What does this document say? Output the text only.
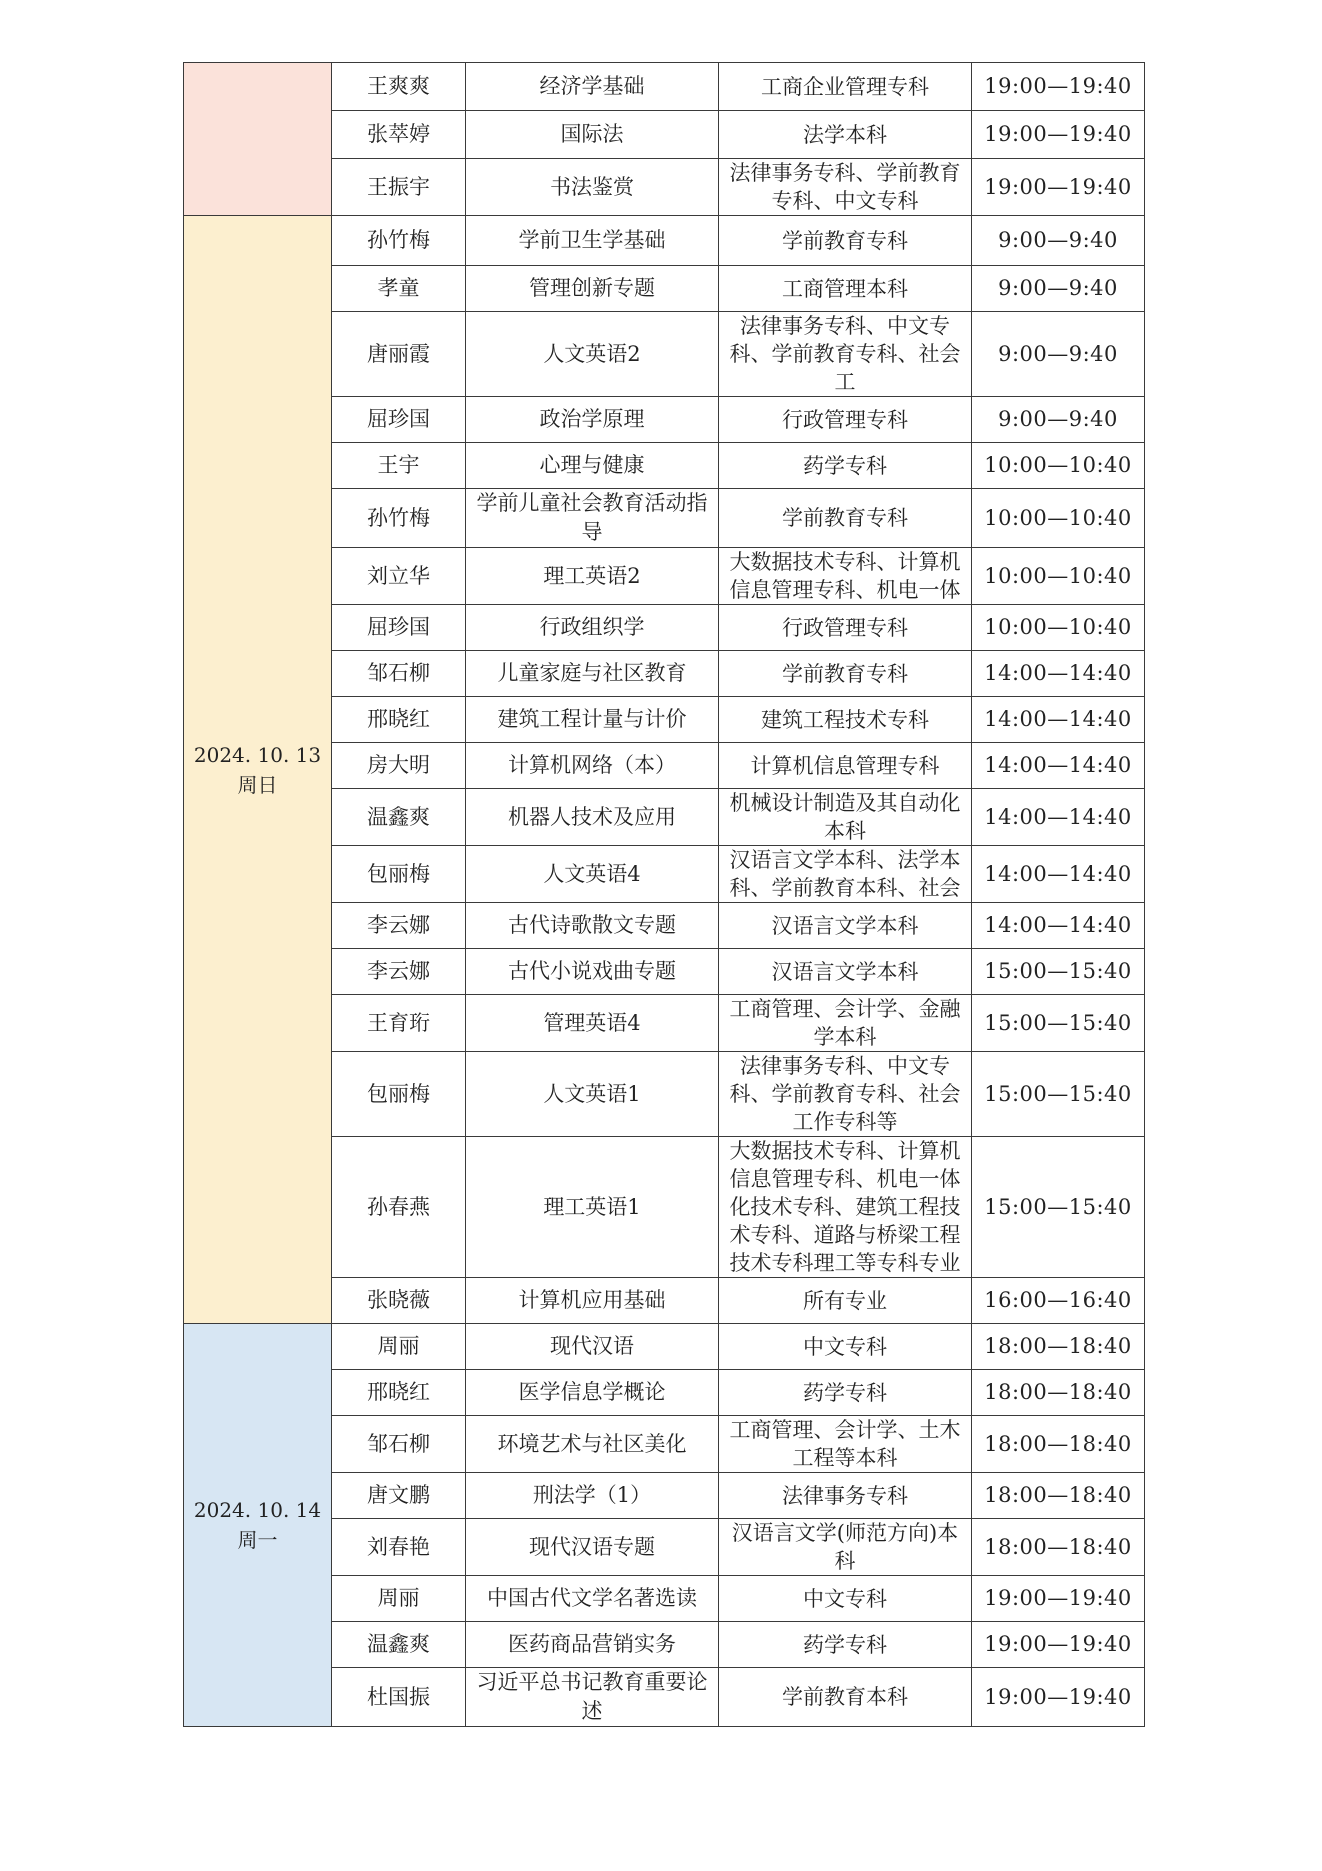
	王爽爽	经济学基础	工商企业管理专科	19:00—19:40
	张萃婷	国际法	法学本科	19:00—19:40
	王振宇	书法鉴赏	法律事务专科、学前教育专科、中文专科	19:00—19:40

2024. 10. 13
周日	孙竹梅	学前卫生学基础	学前教育专科	9:00—9:40
	孝童	管理创新专题	工商管理本科	9:00—9:40
	唐丽霞	人文英语2	法律事务专科、中文专科、学前教育专科、社会工	9:00—9:40
	屈珍国	政治学原理	行政管理专科	9:00—9:40
	王宇	心理与健康	药学专科	10:00—10:40
	孙竹梅	学前儿童社会教育活动指导	学前教育专科	10:00—10:40
	刘立华	理工英语2	大数据技术专科、计算机信息管理专科、机电一体	10:00—10:40
	屈珍国	行政组织学	行政管理专科	10:00—10:40
	邹石柳	儿童家庭与社区教育	学前教育专科	14:00—14:40
	邢晓红	建筑工程计量与计价	建筑工程技术专科	14:00—14:40
	房大明	计算机网络（本）	计算机信息管理专科	14:00—14:40
	温鑫爽	机器人技术及应用	机械设计制造及其自动化本科	14:00—14:40
	包丽梅	人文英语4	汉语言文学本科、法学本科、学前教育本科、社会	14:00—14:40
	李云娜	古代诗歌散文专题	汉语言文学本科	14:00—14:40
	李云娜	古代小说戏曲专题	汉语言文学本科	15:00—15:40
	王育珩	管理英语4	工商管理、会计学、金融学本科	15:00—15:40
	包丽梅	人文英语1	法律事务专科、中文专科、学前教育专科、社会工作专科等	15:00—15:40
	孙春燕	理工英语1	大数据技术专科、计算机信息管理专科、机电一体化技术专科、建筑工程技术专科、道路与桥梁工程技术专科理工等专科专业	15:00—15:40
	张晓薇	计算机应用基础	所有专业	16:00—16:40

2024. 10. 14
周一	周丽	现代汉语	中文专科	18:00—18:40
	邢晓红	医学信息学概论	药学专科	18:00—18:40
	邹石柳	环境艺术与社区美化	工商管理、会计学、土木工程等本科	18:00—18:40
	唐文鹏	刑法学（1）	法律事务专科	18:00—18:40
	刘春艳	现代汉语专题	汉语言文学(师范方向)本科	18:00—18:40
	周丽	中国古代文学名著选读	中文专科	19:00—19:40
	温鑫爽	医药商品营销实务	药学专科	19:00—19:40
	杜国振	习近平总书记教育重要论述	学前教育本科	19:00—19:40
